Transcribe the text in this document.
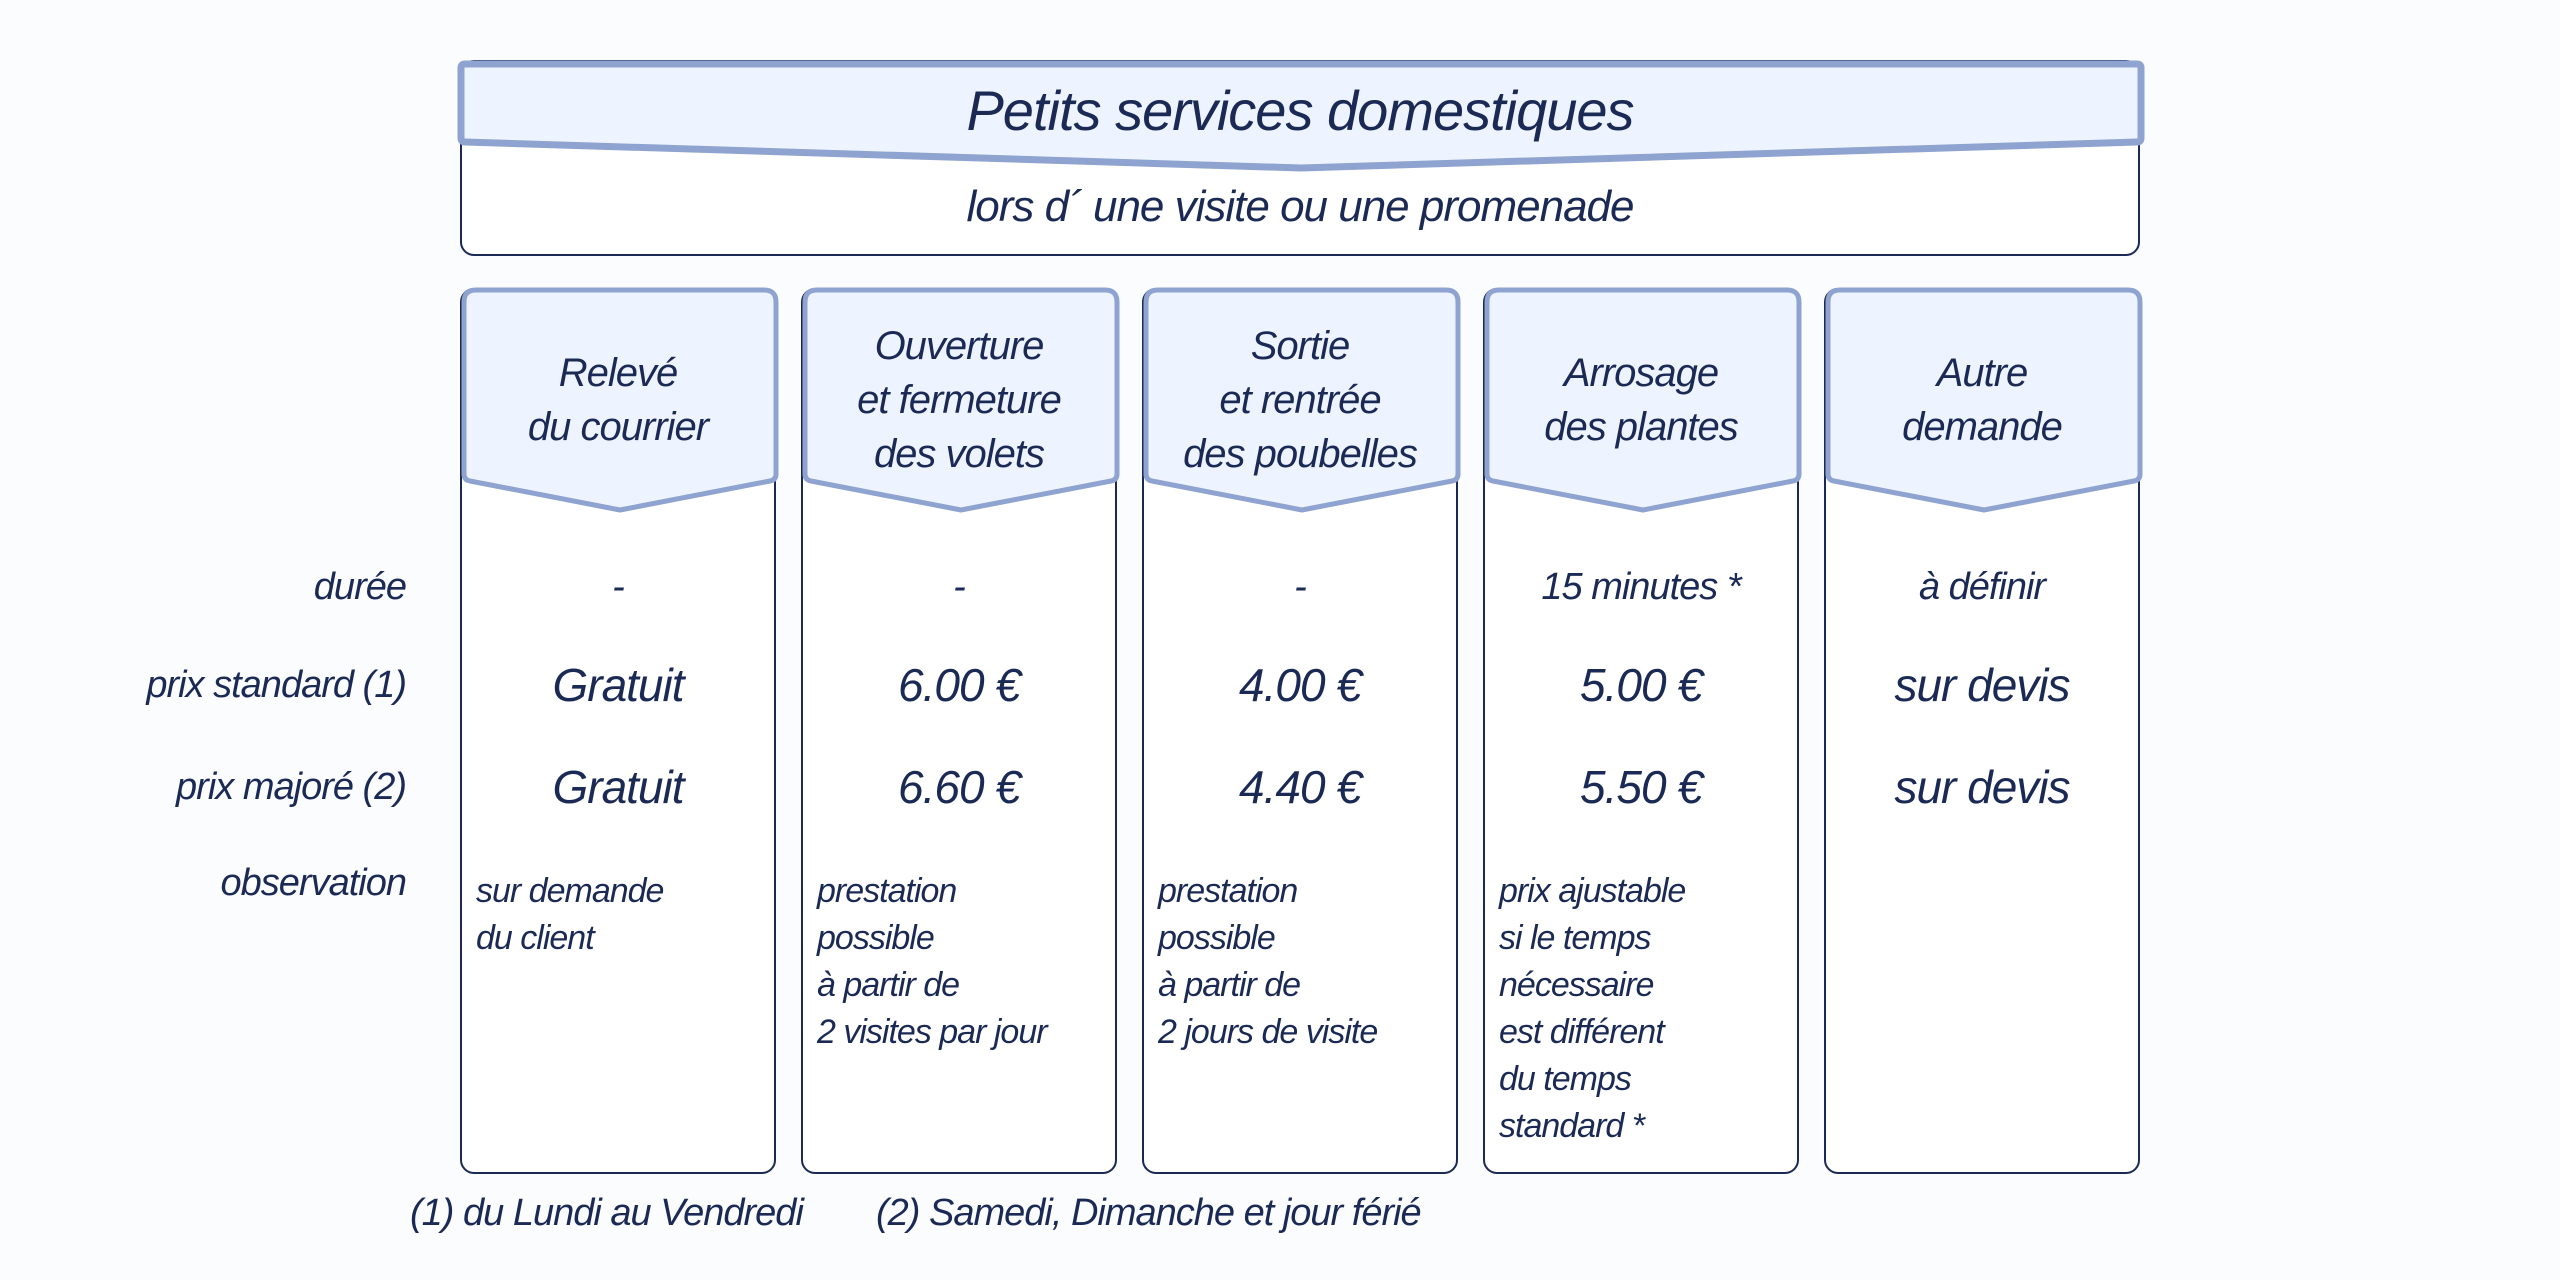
Petits services domestiques
lors d´ une visite ou une promenade
durée
prix standard (1)
prix majoré (2)
observation
Relevé
du courrier
-
Gratuit
Gratuit
sur demande
du client
Ouverture
et fermeture
des volets
-
6.00 €
6.60 €
prestation
possible
à partir de
2 visites par jour
Sortie
et rentrée
des poubelles
-
4.00 €
4.40 €
prestation
possible
à partir de
2 jours de visite
Arrosage
des plantes
15 minutes *
5.00 €
5.50 €
prix ajustable
si le temps
nécessaire
est différent
du temps
standard *
Autre
demande
à définir
sur devis
sur devis
(1) du Lundi au Vendredi (2) Samedi, Dimanche et jour férié
